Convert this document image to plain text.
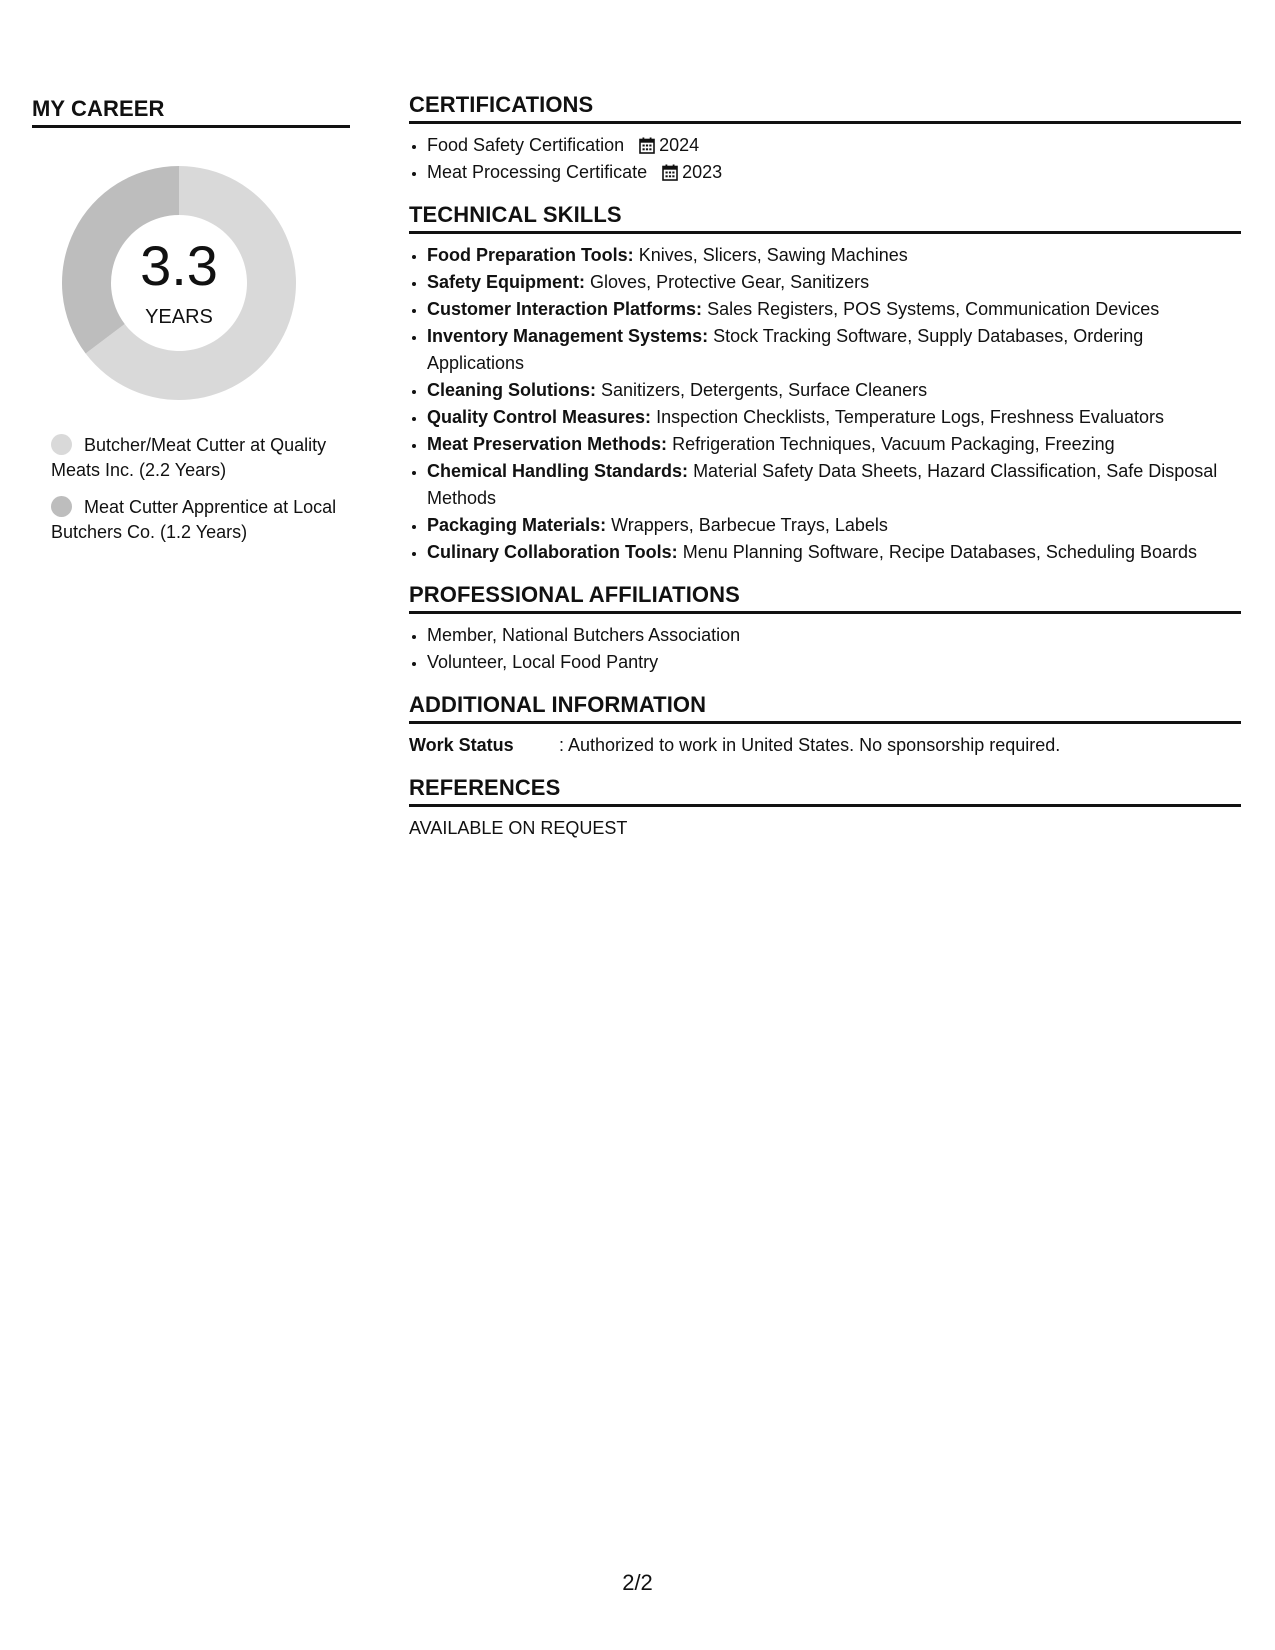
MY CAREER
3.3
YEARS
Butcher/Meat Cutter at Quality Meats Inc. (2.2 Years)
Meat Cutter Apprentice at Local Butchers Co. (1.2 Years)
CERTIFICATIONS
• Food Safety Certification 2024
• Meat Processing Certificate 2023
TECHNICAL SKILLS
• Food Preparation Tools: Knives, Slicers, Sawing Machines
• Safety Equipment: Gloves, Protective Gear, Sanitizers
• Customer Interaction Platforms: Sales Registers, POS Systems, Communication Devices
• Inventory Management Systems: Stock Tracking Software, Supply Databases, Ordering Applications
• Cleaning Solutions: Sanitizers, Detergents, Surface Cleaners
• Quality Control Measures: Inspection Checklists, Temperature Logs, Freshness Evaluators
• Meat Preservation Methods: Refrigeration Techniques, Vacuum Packaging, Freezing
• Chemical Handling Standards: Material Safety Data Sheets, Hazard Classification, Safe Disposal Methods
• Packaging Materials: Wrappers, Barbecue Trays, Labels
• Culinary Collaboration Tools: Menu Planning Software, Recipe Databases, Scheduling Boards
PROFESSIONAL AFFILIATIONS
• Member, National Butchers Association
• Volunteer, Local Food Pantry
ADDITIONAL INFORMATION
Work Status	: Authorized to work in United States. No sponsorship required.
REFERENCES
AVAILABLE ON REQUEST
2/2
